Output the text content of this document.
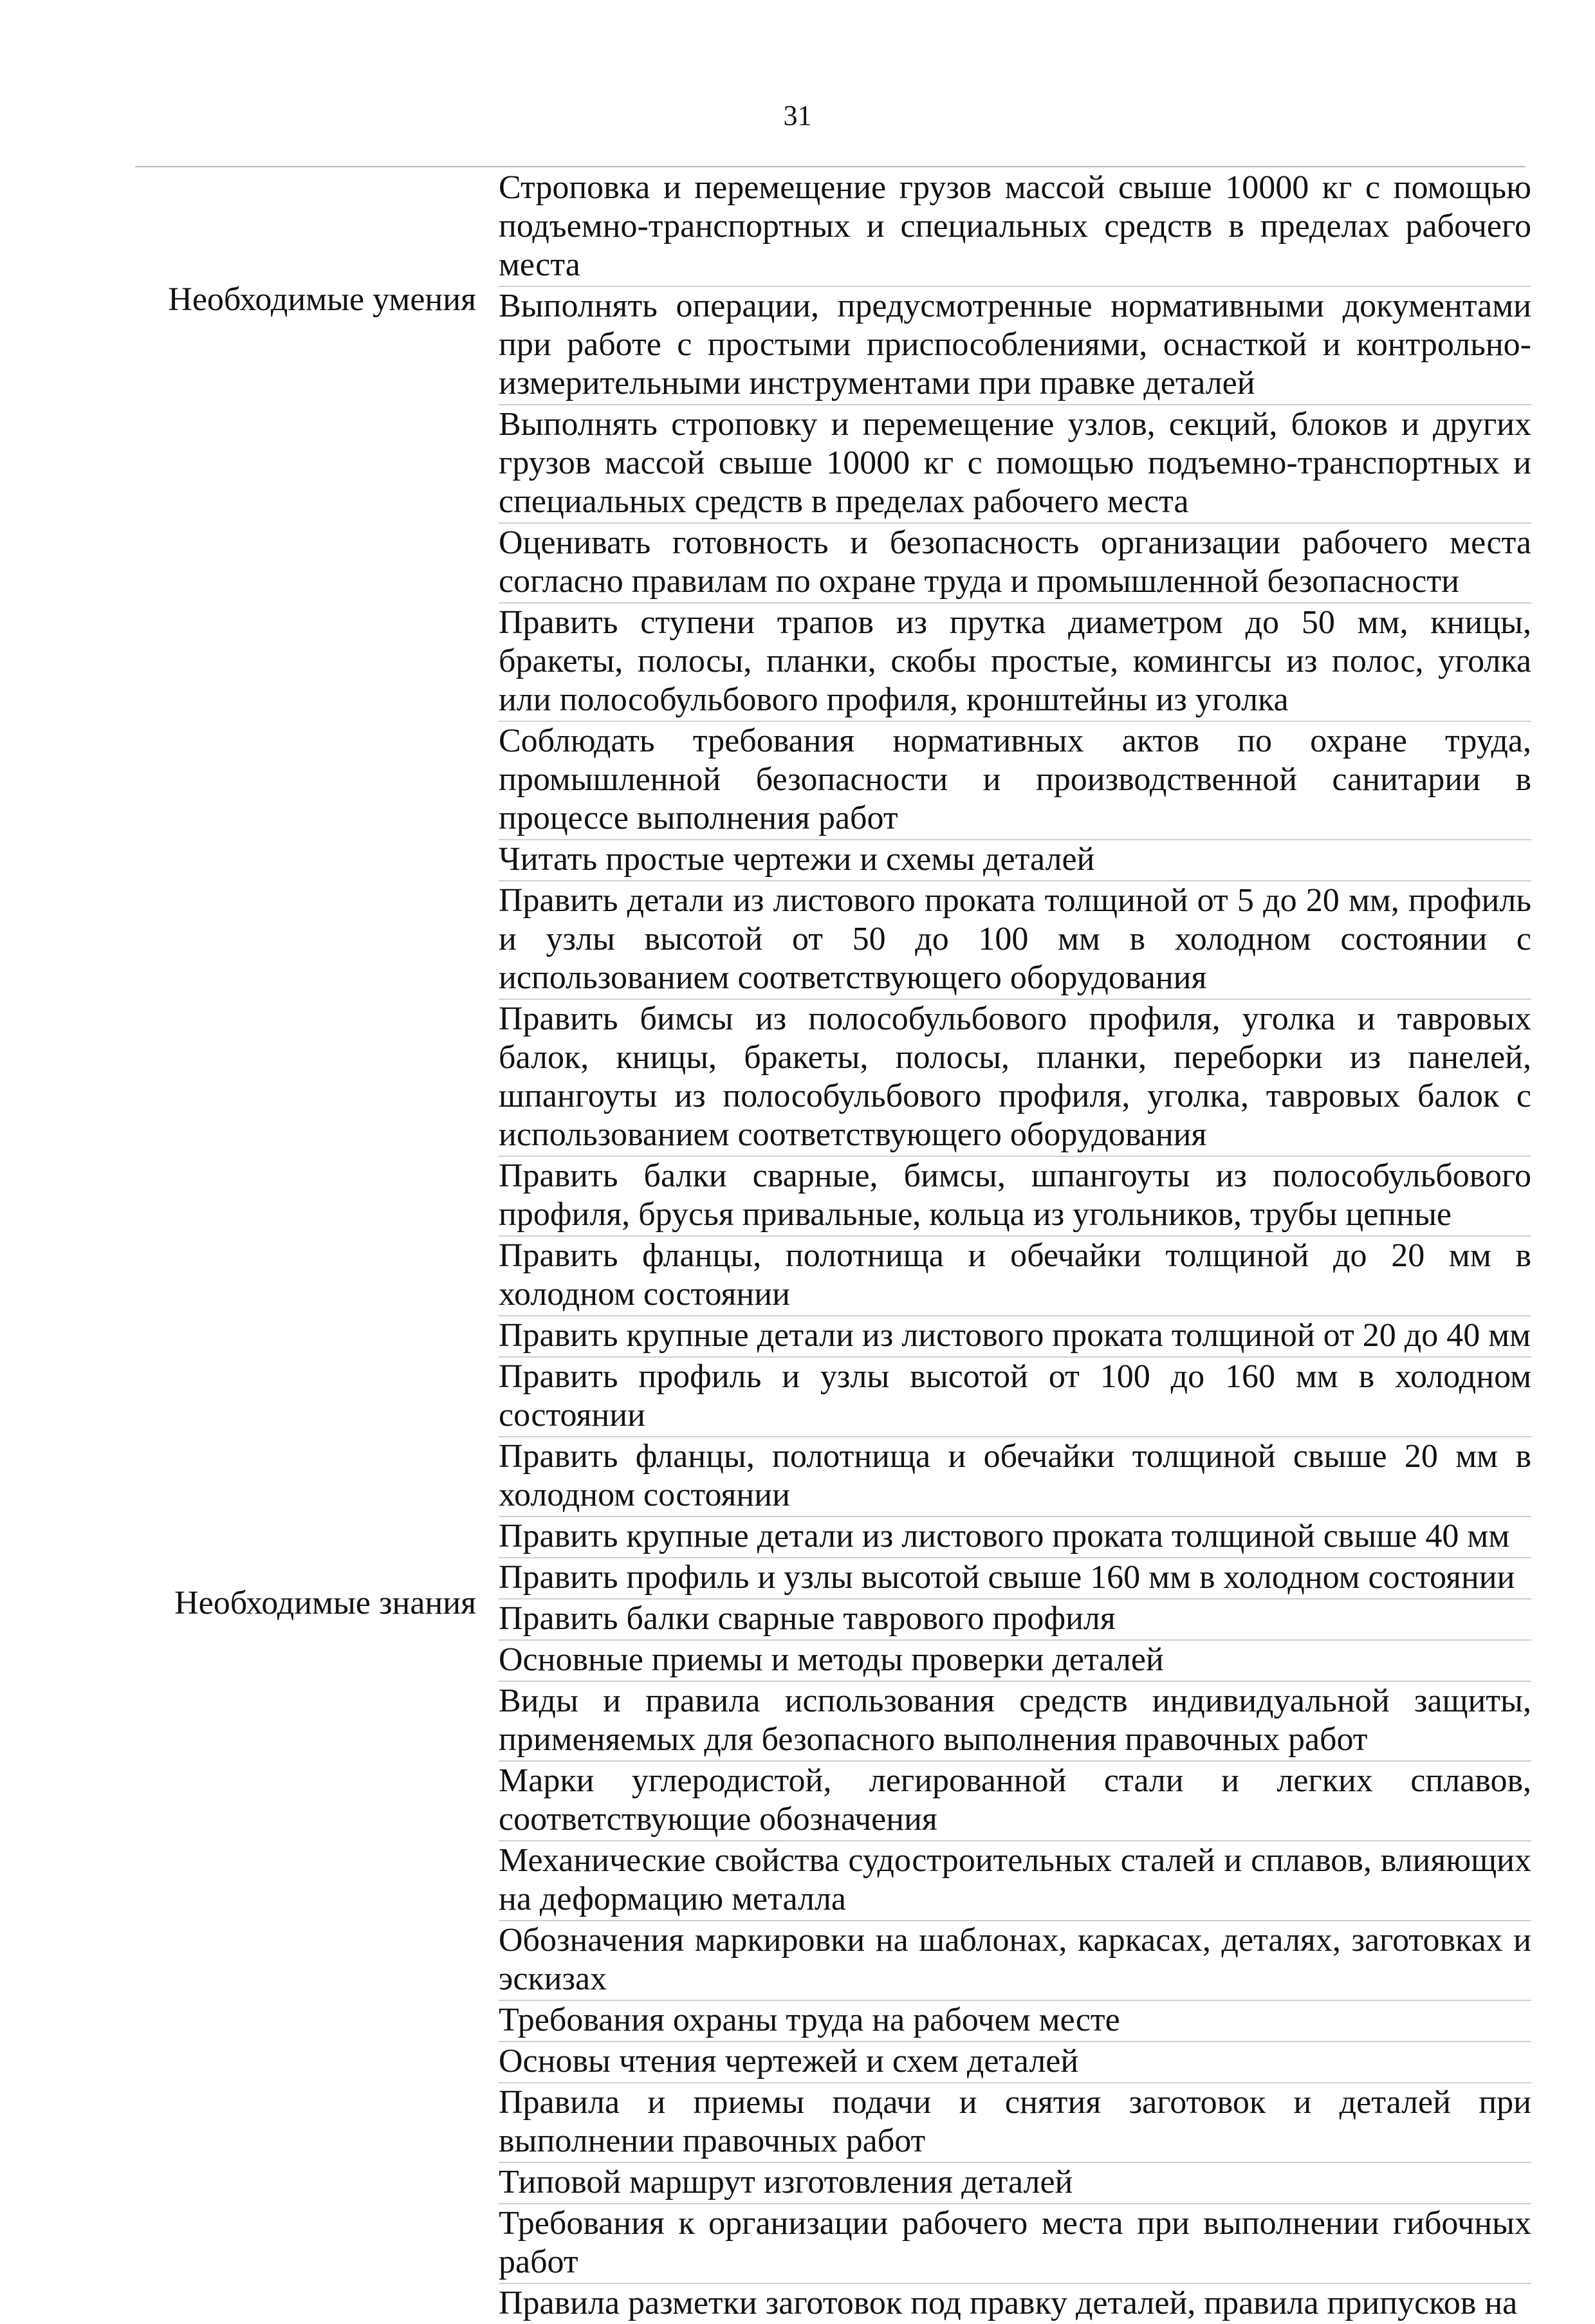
31
Необходимые умения
Необходимые знания
Строповка и перемещение грузов массой свыше 10000 кг с помощью подъемно-транспортных и специальных средств в пределах рабочего места
Выполнять операции, предусмотренные нормативными документами при работе с простыми приспособлениями, оснасткой и контрольно-измерительными инструментами при правке деталей
Выполнять строповку и перемещение узлов, секций, блоков и других грузов массой свыше 10000 кг с помощью подъемно-транспортных и специальных средств в пределах рабочего места
Оценивать готовность и безопасность организации рабочего места согласно правилам по охране труда и промышленной безопасности
Править ступени трапов из прутка диаметром до 50 мм, кницы, бракеты, полосы, планки, скобы простые, комингсы из полос, уголка или полособульбового профиля, кронштейны из уголка
Соблюдать требования нормативных актов по охране труда, промышленной безопасности и производственной санитарии в процессе выполнения работ
Читать простые чертежи и схемы деталей
Править детали из листового проката толщиной от 5 до 20 мм, профиль и узлы высотой от 50 до 100 мм в холодном состоянии с использованием соответствующего оборудования
Править бимсы из полособульбового профиля, уголка и тавровых балок, кницы, бракеты, полосы, планки, переборки из панелей, шпангоуты из полособульбового профиля, уголка, тавровых балок с использованием соответствующего оборудования
Править балки сварные, бимсы, шпангоуты из полособульбового профиля, брусья привальные, кольца из угольников, трубы цепные
Править фланцы, полотнища и обечайки толщиной до 20 мм в холодном состоянии
Править крупные детали из листового проката толщиной от 20 до 40 мм
Править профиль и узлы высотой от 100 до 160 мм в холодном состоянии
Править фланцы, полотнища и обечайки толщиной свыше 20 мм в холодном состоянии
Править крупные детали из листового проката толщиной свыше 40 мм
Править профиль и узлы высотой свыше 160 мм в холодном состоянии
Править балки сварные таврового профиля
Основные приемы и методы проверки деталей
Виды и правила использования средств индивидуальной защиты, применяемых для безопасного выполнения правочных работ
Марки углеродистой, легированной стали и легких сплавов, соответствующие обозначения
Механические свойства судостроительных сталей и сплавов, влияющих на деформацию металла
Обозначения маркировки на шаблонах, каркасах, деталях, заготовках и эскизах
Требования охраны труда на рабочем месте
Основы чтения чертежей и схем деталей
Правила и приемы подачи и снятия заготовок и деталей при выполнении правочных работ
Типовой маршрут изготовления деталей
Требования к организации рабочего места при выполнении гибочных работ
Правила разметки заготовок под правку деталей, правила припусков на
